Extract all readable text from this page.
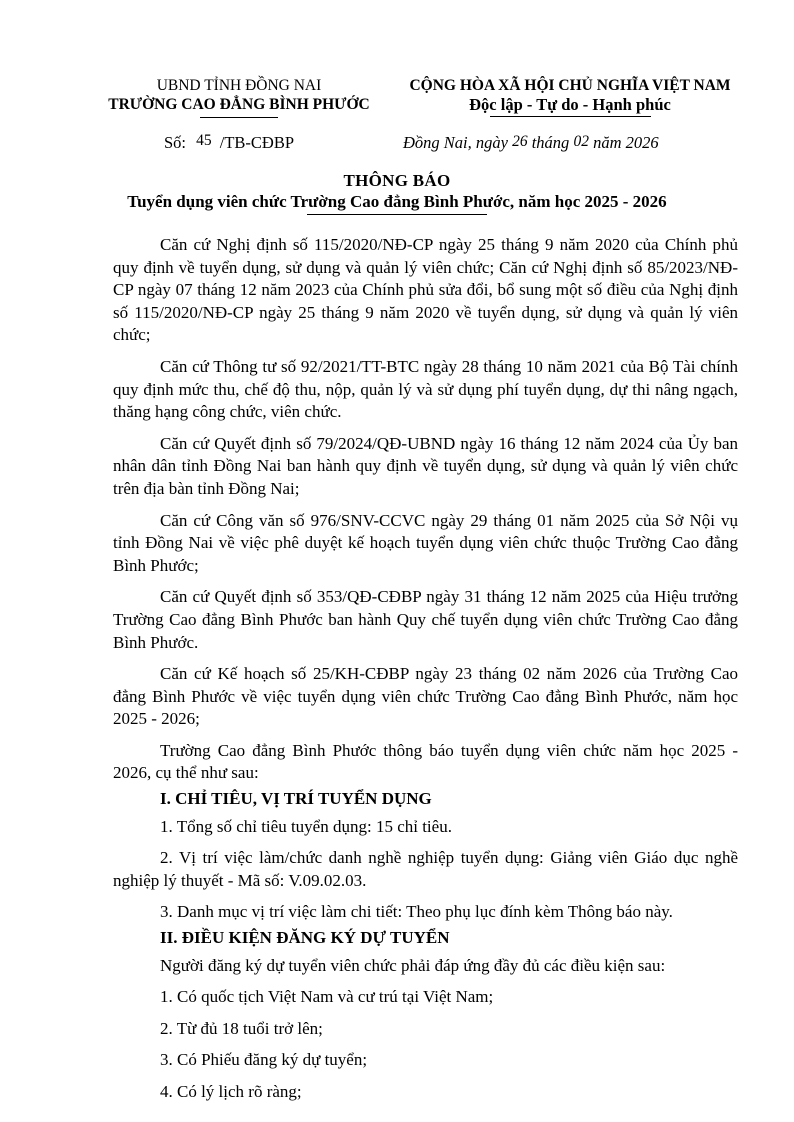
UBND TỈNH ĐỒNG NAI
TRƯỜNG CAO ĐẲNG BÌNH PHƯỚC
CỘNG HÒA XÃ HỘI CHỦ NGHĨA VIỆT NAM
Độc lập - Tự do - Hạnh phúc
Số: 45 /TB-CĐBP	Đồng Nai, ngày 26 tháng 02 năm 2026
THÔNG BÁO
Tuyển dụng viên chức Trường Cao đẳng Bình Phước, năm học 2025 - 2026

Căn cứ Nghị định số 115/2020/NĐ-CP ngày 25 tháng 9 năm 2020 của Chính phủ quy định về tuyển dụng, sử dụng và quản lý viên chức; Căn cứ Nghị định số 85/2023/NĐ-CP ngày 07 tháng 12 năm 2023 của Chính phủ sửa đổi, bổ sung một số điều của Nghị định số 115/2020/NĐ-CP ngày 25 tháng 9 năm 2020 về tuyển dụng, sử dụng và quản lý viên chức;

Căn cứ Thông tư số 92/2021/TT-BTC ngày 28 tháng 10 năm 2021 của Bộ Tài chính quy định mức thu, chế độ thu, nộp, quản lý và sử dụng phí tuyển dụng, dự thi nâng ngạch, thăng hạng công chức, viên chức.

Căn cứ Quyết định số 79/2024/QĐ-UBND ngày 16 tháng 12 năm 2024 của Ủy ban nhân dân tỉnh Đồng Nai ban hành quy định về tuyển dụng, sử dụng và quản lý viên chức trên địa bàn tỉnh Đồng Nai;

Căn cứ Công văn số 976/SNV-CCVC ngày 29 tháng 01 năm 2025 của Sở Nội vụ tỉnh Đồng Nai về việc phê duyệt kế hoạch tuyển dụng viên chức thuộc Trường Cao đẳng Bình Phước;

Căn cứ Quyết định số 353/QĐ-CĐBP ngày 31 tháng 12 năm 2025 của Hiệu trưởng Trường Cao đẳng Bình Phước ban hành Quy chế tuyển dụng viên chức Trường Cao đẳng Bình Phước.

Căn cứ Kế hoạch số 25/KH-CĐBP ngày 23 tháng 02 năm 2026 của Trường Cao đẳng Bình Phước về việc tuyển dụng viên chức Trường Cao đẳng Bình Phước, năm học 2025 - 2026;

Trường Cao đẳng Bình Phước thông báo tuyển dụng viên chức năm học 2025 - 2026, cụ thể như sau:

I. CHỈ TIÊU, VỊ TRÍ TUYỂN DỤNG
1. Tổng số chỉ tiêu tuyển dụng: 15 chỉ tiêu.
2. Vị trí việc làm/chức danh nghề nghiệp tuyển dụng: Giảng viên Giáo dục nghề nghiệp lý thuyết - Mã số: V.09.02.03.
3. Danh mục vị trí việc làm chi tiết: Theo phụ lục đính kèm Thông báo này.
II. ĐIỀU KIỆN ĐĂNG KÝ DỰ TUYỂN
Người đăng ký dự tuyển viên chức phải đáp ứng đầy đủ các điều kiện sau:
1. Có quốc tịch Việt Nam và cư trú tại Việt Nam;
2. Từ đủ 18 tuổi trở lên;
3. Có Phiếu đăng ký dự tuyển;
4. Có lý lịch rõ ràng;
